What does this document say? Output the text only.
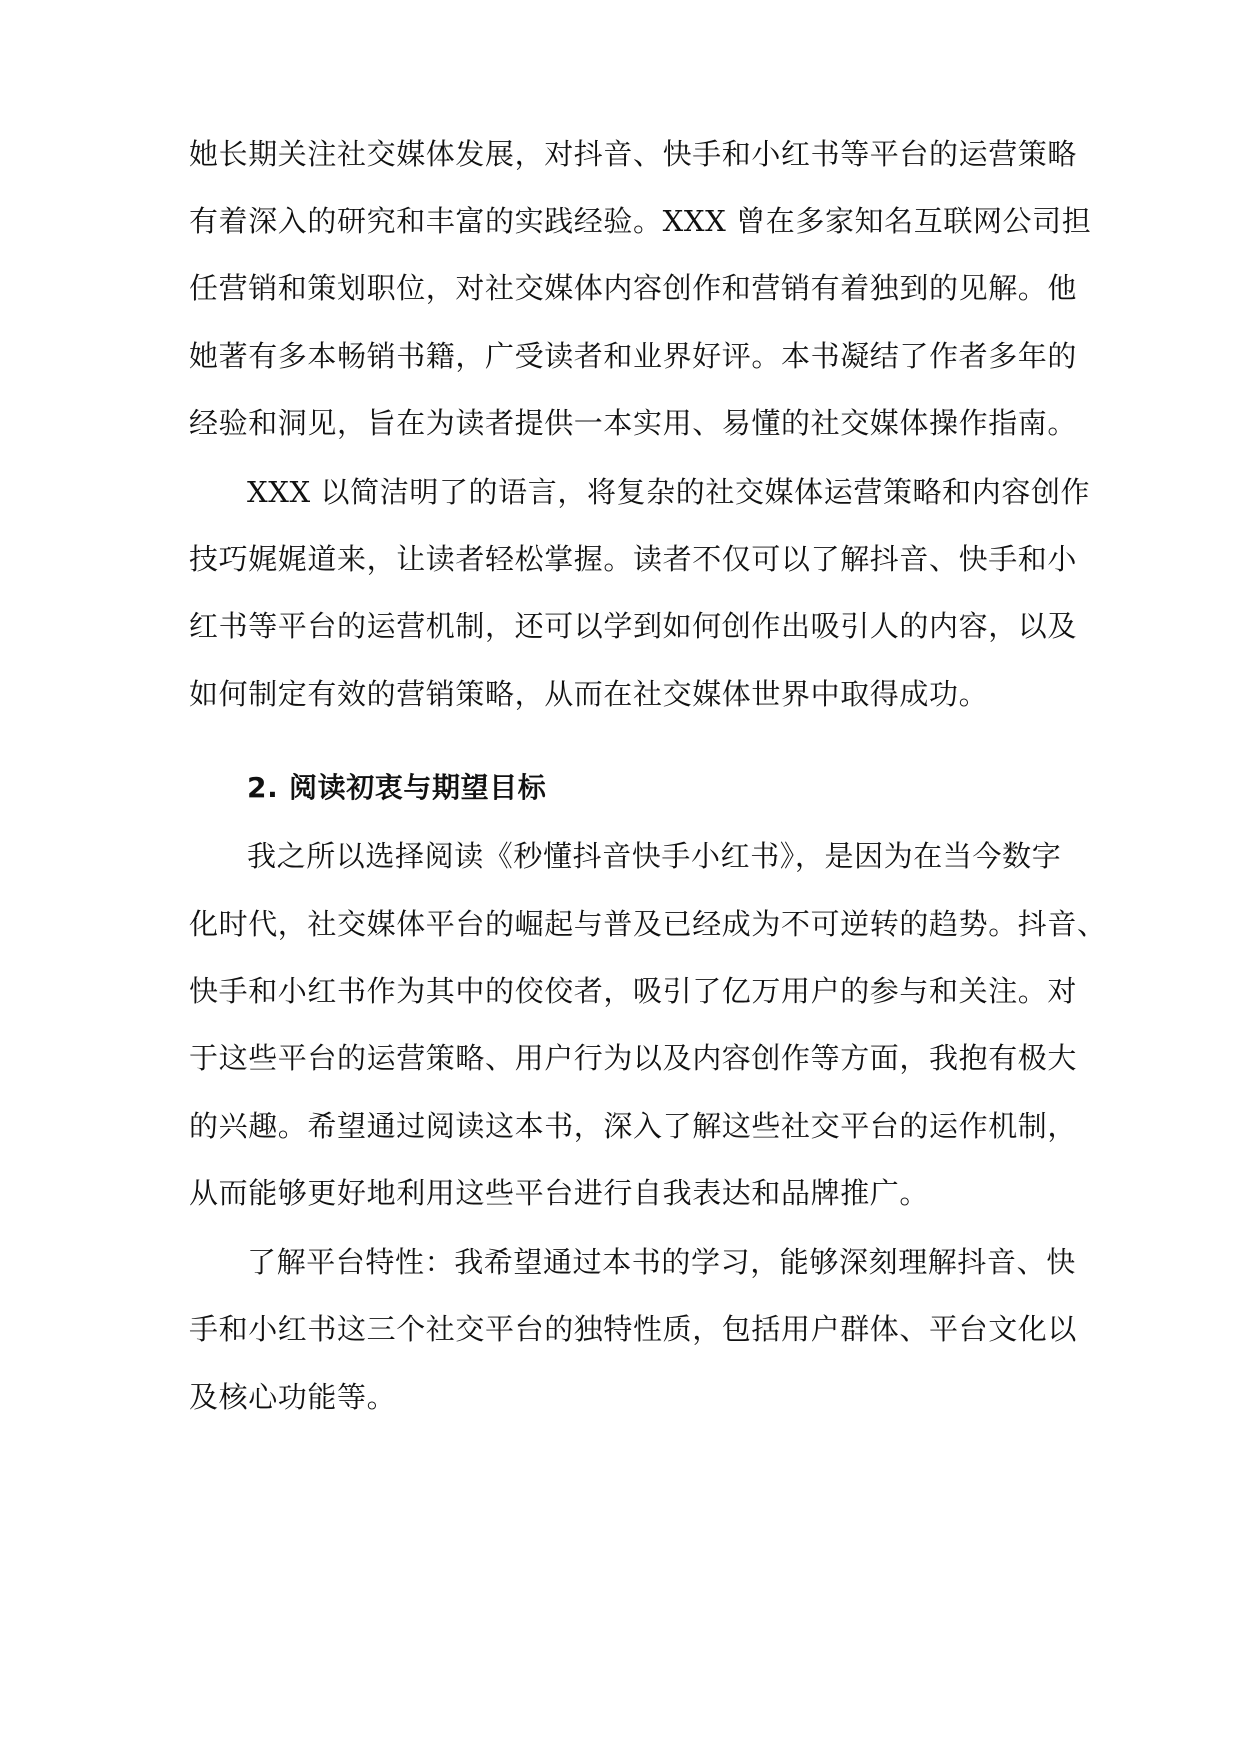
她长期关注社交媒体发展，对抖音、快手和小红书等平台的运营策略
有着深入的研究和丰富的实践经验。XXX 曾在多家知名互联网公司担
任营销和策划职位，对社交媒体内容创作和营销有着独到的见解。他
她著有多本畅销书籍，广受读者和业界好评。本书凝结了作者多年的
经验和洞见，旨在为读者提供一本实用、易懂的社交媒体操作指南。
XXX 以简洁明了的语言，将复杂的社交媒体运营策略和内容创作
技巧娓娓道来，让读者轻松掌握。读者不仅可以了解抖音、快手和小
红书等平台的运营机制，还可以学到如何创作出吸引人的内容，以及
如何制定有效的营销策略，从而在社交媒体世界中取得成功。
2. 阅读初衷与期望目标
我之所以选择阅读《秒懂抖音快手小红书》，是因为在当今数字
化时代，社交媒体平台的崛起与普及已经成为不可逆转的趋势。抖音、
快手和小红书作为其中的佼佼者，吸引了亿万用户的参与和关注。对
于这些平台的运营策略、用户行为以及内容创作等方面，我抱有极大
的兴趣。希望通过阅读这本书，深入了解这些社交平台的运作机制，
从而能够更好地利用这些平台进行自我表达和品牌推广。
了解平台特性：我希望通过本书的学习，能够深刻理解抖音、快
手和小红书这三个社交平台的独特性质，包括用户群体、平台文化以
及核心功能等。
